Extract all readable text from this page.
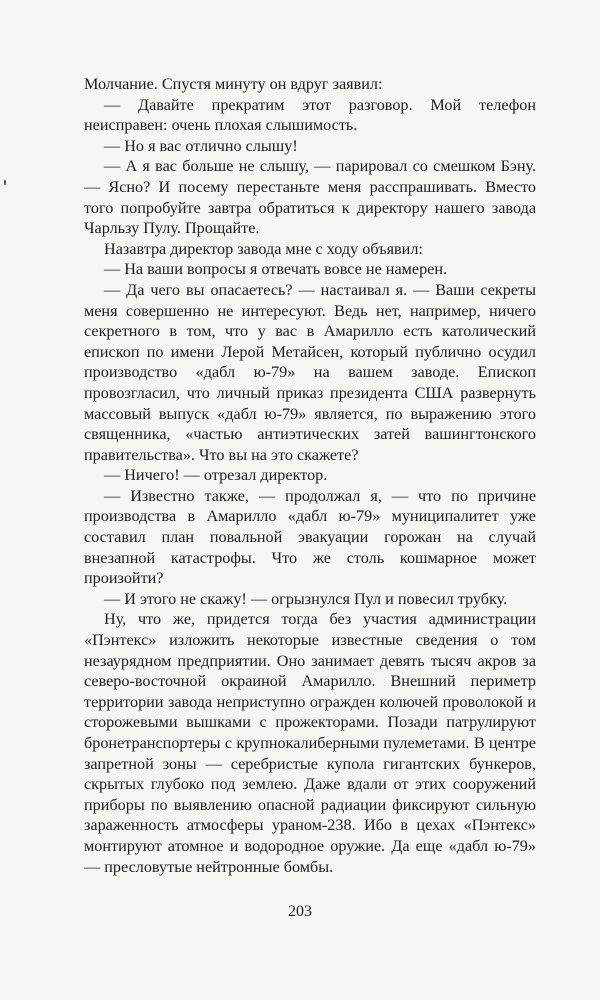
Молчание. Спустя минуту он вдруг заявил:

— Давайте прекратим этот разговор. Мой телефон неисправен: очень плохая слышимость.

— Но я вас отлично слышу!

— А я вас больше не слышу, — парировал со смешком Бэну. — Ясно? И посему перестаньте меня расспрашивать. Вместо того попробуйте завтра обратиться к директору нашего завода Чарльзу Пулу. Прощайте.

Назавтра директор завода мне с ходу объявил:

— На ваши вопросы я отвечать вовсе не намерен.

— Да чего вы опасаетесь? — настаивал я. — Ваши секреты меня совершенно не интересуют. Ведь нет, например, ничего секретного в том, что у вас в Амарилло есть католический епископ по имени Лерой Метайсен, который публично осудил производство «дабл ю-79» на вашем заводе. Епископ провозгласил, что личный приказ президента США развернуть массовый выпуск «дабл ю-79» является, по выражению этого священника, «частью антиэтических затей вашингтонского правительства». Что вы на это скажете?

— Ничего! — отрезал директор.

— Известно также, — продолжал я, — что по причине производства в Амарилло «дабл ю-79» муниципалитет уже составил план повальной эвакуации горожан на случай внезапной катастрофы. Что же столь кошмарное может произойти?

— И этого не скажу! — огрызнулся Пул и повесил трубку.

Ну, что же, придется тогда без участия администрации «Пэнтекс» изложить некоторые известные сведения о том незаурядном предприятии. Оно занимает девять тысяч акров за северо-восточной окраиной Амарилло. Внешний периметр территории завода неприступно огражден колючей проволокой и сторожевыми вышками с прожекторами. Позади патрулируют бронетранспортеры с крупнокалиберными пулеметами. В центре запретной зоны — серебристые купола гигантских бункеров, скрытых глубоко под землею. Даже вдали от этих сооружений приборы по выявлению опасной радиации фиксируют сильную зараженность атмосферы ураном-238. Ибо в цехах «Пэнтекс» монтируют атомное и водородное оружие. Да еще «дабл ю-79» — пресловутые нейтронные бомбы.

203
